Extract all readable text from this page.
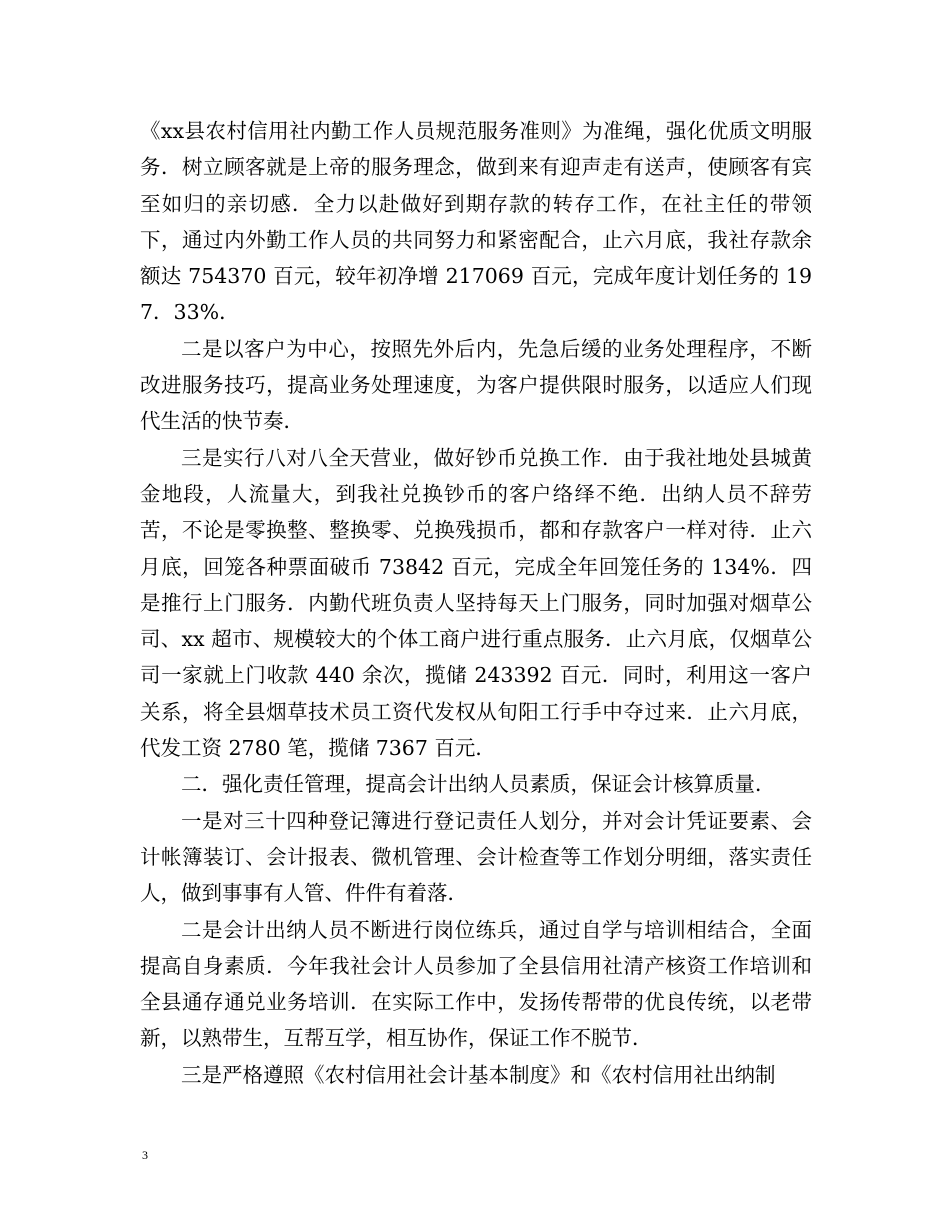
《xx县农村信用社内勤工作人员规范服务准则》为准绳，强化优质文明服务．树立顾客就是上帝的服务理念，做到来有迎声走有送声，使顾客有宾至如归的亲切感．全力以赴做好到期存款的转存工作，在社主任的带领下，通过内外勤工作人员的共同努力和紧密配合，止六月底，我社存款余额达 754370 百元，较年初净增 217069 百元，完成年度计划任务的 197．33%．

二是以客户为中心，按照先外后内，先急后缓的业务处理程序，不断改进服务技巧，提高业务处理速度，为客户提供限时服务，以适应人们现代生活的快节奏．

三是实行八对八全天营业，做好钞币兑换工作．由于我社地处县城黄金地段，人流量大，到我社兑换钞币的客户络绎不绝．出纳人员不辞劳苦，不论是零换整、整换零、兑换残损币，都和存款客户一样对待．止六月底，回笼各种票面破币 73842 百元，完成全年回笼任务的 134%．四是推行上门服务．内勤代班负责人坚持每天上门服务，同时加强对烟草公司、xx 超市、规模较大的个体工商户进行重点服务．止六月底，仅烟草公司一家就上门收款 440 余次，揽储 243392 百元．同时，利用这一客户关系，将全县烟草技术员工资代发权从旬阳工行手中夺过来．止六月底，代发工资 2780 笔，揽储 7367 百元．

二．强化责任管理，提高会计出纳人员素质，保证会计核算质量．

一是对三十四种登记簿进行登记责任人划分，并对会计凭证要素、会计帐簿装订、会计报表、微机管理、会计检查等工作划分明细，落实责任人，做到事事有人管、件件有着落．

二是会计出纳人员不断进行岗位练兵，通过自学与培训相结合，全面提高自身素质．今年我社会计人员参加了全县信用社清产核资工作培训和全县通存通兑业务培训．在实际工作中，发扬传帮带的优良传统，以老带新，以熟带生，互帮互学，相互协作，保证工作不脱节．

三是严格遵照《农村信用社会计基本制度》和《农村信用社出纳制

3
